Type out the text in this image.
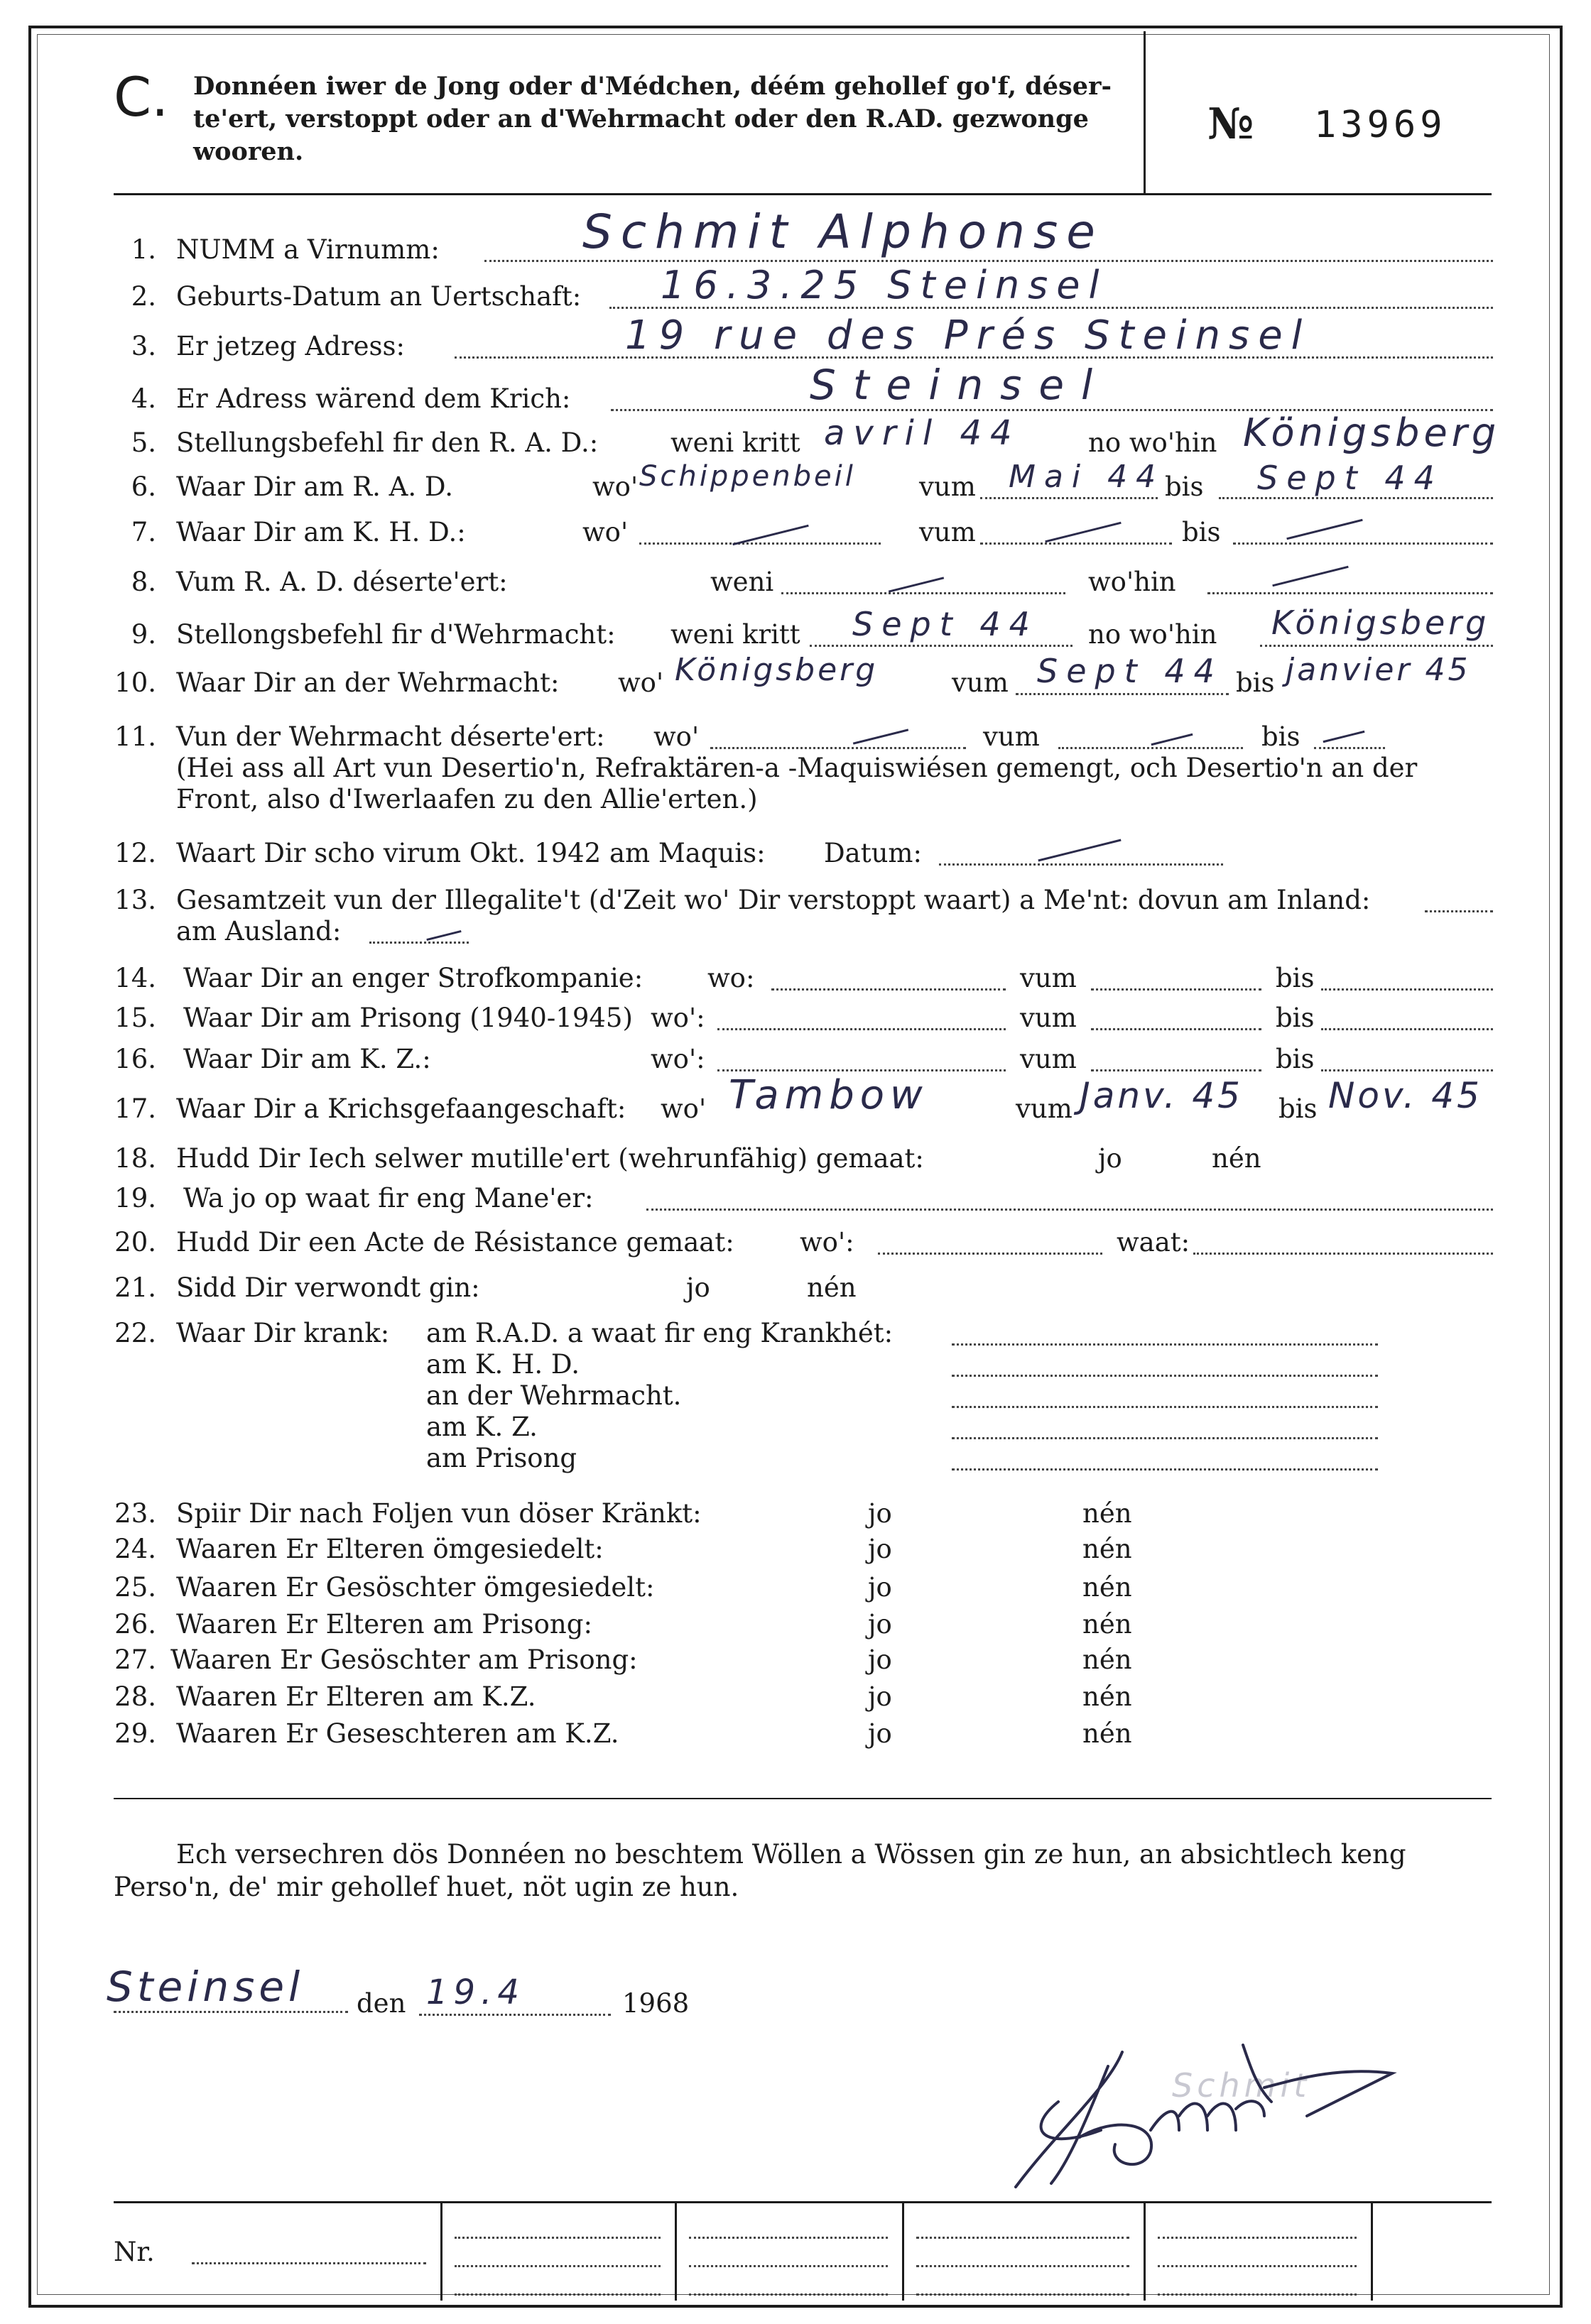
C. Donnéen iwer de Jong oder d'Médchen, déém gehollef go'f, déser-
te'ert, verstoppt oder an d'Wehrmacht oder den R.AD. gezwonge
wooren.
№ 13969
1. NUMM a Virnumm:	Schmit Alphonse
2. Geburts-Datum an Uertschaft: 16.3.25 Steinsel
3. Er jetzeg Adress:	19 rue des Prés Steinsel
4. Er Adress wärend dem Krich:	Steinsel
5. Stellungsbefehl fir den R. A. D.:	weni kritt avril 44	no wo'hin Königsberg
6. Waar Dir am R. A. D.	wo' Schippenbeil vum Mai 44 bis Sept 44
7. Waar Dir am K. H. D.:	wo'	vum	bis
8. Vum R. A. D. déserte'ert:	weni	wo'hin
9. Stellongsbefehl fir d'Wehrmacht: weni kritt Sept 44 no wo'hin Königsberg
10. Waar Dir an der Wehrmacht: wo' Königsberg	vum Sept 44 bis janvier 45
11. Vun der Wehrmacht déserte'ert: wo'	vum	bis
(Hei ass all Art vun Desertio'n, Refraktären-a -Maquiswiésen gemengt, och Desertio'n an der
Front, also d'Iwerlaafen zu den Allie'erten.)
12. Waart Dir scho virum Okt. 1942 am Maquis: Datum:
13. Gesamtzeit vun der Illegalite't (d'Zeit wo' Dir verstoppt waart) a Me'nt: dovun am Inland:
am Ausland:
14. Waar Dir an enger Strofkompanie: wo:	vum	bis
15. Waar Dir am Prisong (1940-1945) wo':	vum	bis
16. Waar Dir am K. Z.:	wo':	vum	bis
17. Waar Dir a Krichsgefaangeschaft: wo' Tambow	vum Janv. 45 bis Nov. 45
18. Hudd Dir Iech selwer mutille'ert (wehrunfähig) gemaat:	jo	nén
19. Wa jo op waat fir eng Mane'er:
20. Hudd Dir een Acte de Résistance gemaat: wo':	waat:
21. Sidd Dir verwondt gin:	jo	nén
22. Waar Dir krank: am R.A.D. a waat fir eng Krankhét:
am K. H. D.
an der Wehrmacht.
am K. Z.
am Prisong
23. Spiir Dir nach Foljen vun döser Kränkt:	jo	nén
24. Waaren Er Elteren ömgesiedelt:	jo	nén
25. Waaren Er Gesöschter ömgesiedelt:	jo	nén
26. Waaren Er Elteren am Prisong:	jo	nén
27. Waaren Er Gesöschter am Prisong:	jo	nén
28. Waaren Er Elteren am K.Z.	jo	nén
29. Waaren Er Geseschteren am K.Z.	jo	nén
Ech versechren dös Donnéen no beschtem Wöllen a Wössen gin ze hun, an absichtlech keng
Perso'n, de' mir gehollef huet, nöt ugin ze hun.
Steinsel den 19.4	1968
Schmit
Nr.
